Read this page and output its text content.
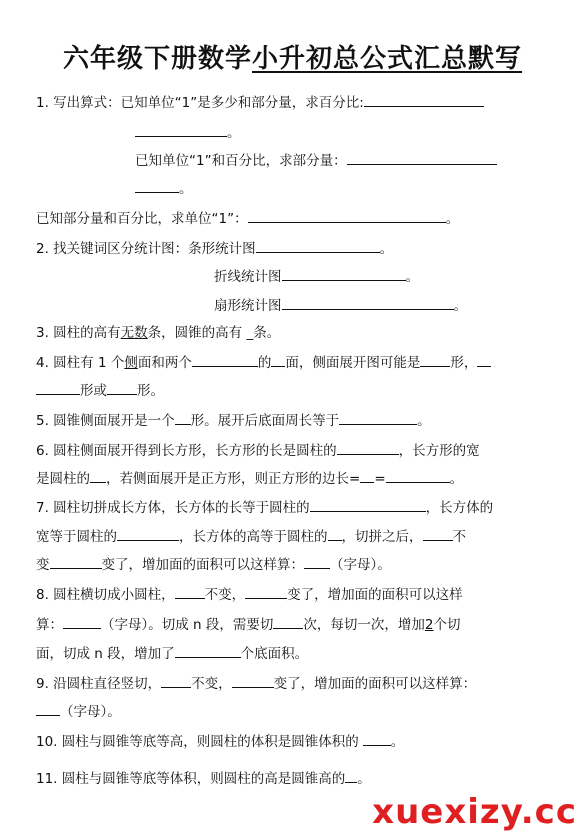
六年级下册数学小升初总公式汇总默写
1. 写出算式：已知单位“1”是多少和部分量，求百分比:
。
已知单位“1”和百分比，求部分量：
。
已知部分量和百分比，求单位“1”：	。
2. 找关键词区分统计图：条形统计图	。
折线统计图	。
扇形统计图	。
3. 圆柱的高有无数条，圆锥的高有 _条。
4. 圆柱有 1 个侧面和两个	的 面，侧面展开图可能是 形，
形或 形。
5. 圆锥侧面展开是一个 形。展开后底面周长等于	。
6. 圆柱侧面展开得到长方形，长方形的长是圆柱的	，长方形的宽
是圆柱的 ，若侧面展开是正方形，则正方形的边长= =	。
7. 圆柱切拼成长方体，长方体的长等于圆柱的	，长方体的
宽等于圆柱的	，长方体的高等于圆柱的 ，切拼之后， 不
变	变了，增加面的面积可以这样算： （字母）。
8. 圆柱横切成小圆柱， 不变，	变了，增加面的面积可以这样
算：	（字母）。切成 n 段，需要切 次，每切一次，增加2个切
面，切成 n 段，增加了	个底面积。
9. 沿圆柱直径竖切， 不变，	变了，增加面的面积可以这样算：
（字母）。
10. 圆柱与圆锥等底等高，则圆柱的体积是圆锥体积的 。
11. 圆柱与圆锥等底等体积，则圆柱的高是圆锥高的 。
xuexizy.cc
